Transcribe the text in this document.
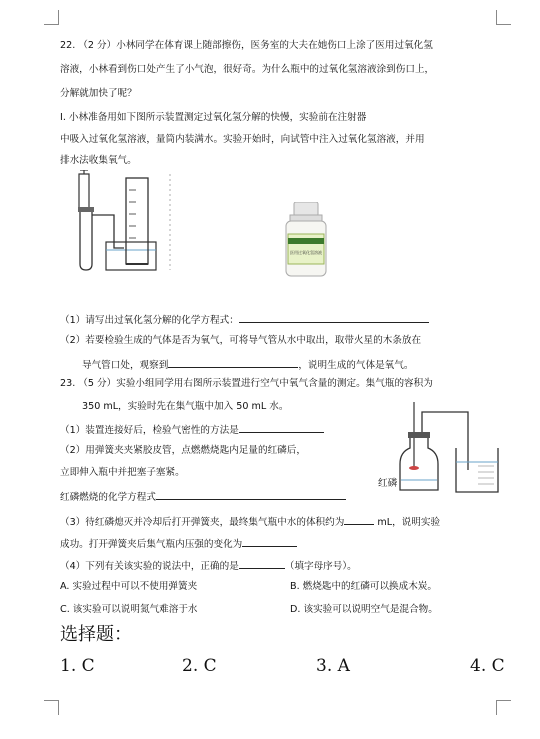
22. （2 分）小林同学在体育课上随部擦伤，医务室的大夫在她伤口上涂了医用过氧化氢
溶液，小林看到伤口处产生了小气泡，很好奇。为什么瓶中的过氧化氢溶液涂到伤口上，
分解就加快了呢？
I. 小林准备用如下图所示装置测定过氧化氢分解的快慢，实验前在注射器
中吸入过氧化氢溶液，量筒内装满水。实验开始时，向试管中注入过氧化氢溶液，并用
排水法收集氧气。
医用过氧化氢溶液
（1）请写出过氧化氢分解的化学方程式：
（2）若要检验生成的气体是否为氧气，可将导气管从水中取出，取带火星的木条放在
导气管口处，观察到	，说明生成的气体是氧气。
23. （5 分）实验小组同学用右图所示装置进行空气中氧气含量的测定。集气瓶的容积为
350 mL，实验时先在集气瓶中加入 50 mL 水。
（1）装置连接好后，检验气密性的方法是
（2）用弹簧夹夹紧胶皮管，点燃燃烧匙内足量的红磷后，
立即伸入瓶中并把塞子塞紧。
红磷燃烧的化学方程式
红磷
（3）待红磷熄灭并冷却后打开弹簧夹，最终集气瓶中水的体积约为	mL，说明实验
成功。打开弹簧夹后集气瓶内压强的变化为
（4）下列有关该实验的说法中，正确的是	（填字母序号）。
A. 实验过程中可以不使用弹簧夹	B. 燃烧匙中的红磷可以换成木炭。
C. 该实验可以说明氮气难溶于水	D. 该实验可以说明空气是混合物。
选择题：
1. C	2. C	3. A	4. C
